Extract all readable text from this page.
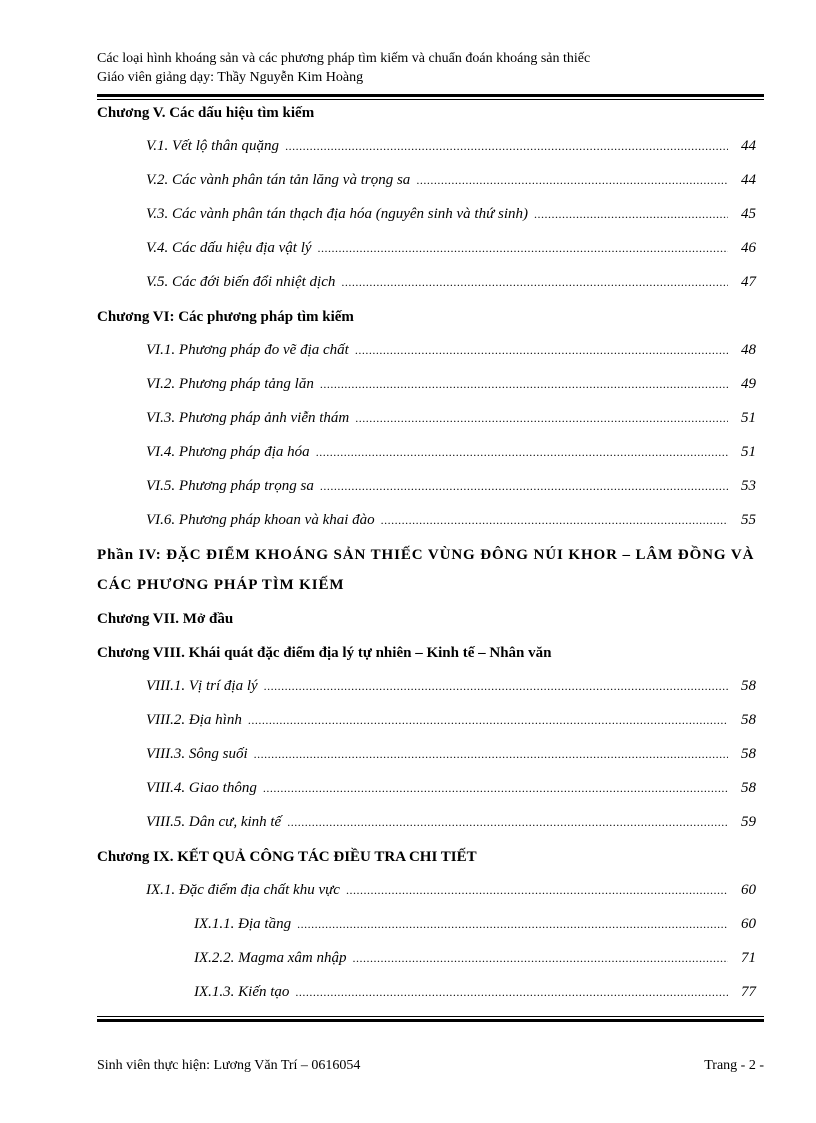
Các loại hình khoáng sản và các phương pháp tìm kiếm và chuẩn đoán khoáng sản thiếc
Giáo viên giảng dạy: Thầy Nguyễn Kim Hoàng
Chương V. Các dấu hiệu tìm kiếm
V.1. Vết lộ thân quặng .....	44
V.2. Các vành phân tán tản lăng và trọng sa .....	44
V.3. Các vành phân tán thạch địa hóa (nguyên sinh và thứ sinh) .....	45
V.4. Các dấu hiệu địa vật lý .....	46
V.5. Các đới biến đổi nhiệt dịch .....	47
Chương VI: Các phương pháp tìm kiếm
VI.1. Phương pháp đo vẽ địa chất .....	48
VI.2. Phương pháp tảng lăn .....	49
VI.3. Phương pháp ảnh viễn thám .....	51
VI.4. Phương pháp địa hóa .....	51
VI.5. Phương pháp trọng sa .....	53
VI.6. Phương pháp khoan và khai đào .....	55
Phần IV: ĐẶC ĐIỂM KHOÁNG SẢN THIẾC VÙNG ĐÔNG NÚI KHOR – LÂM ĐỒNG VÀ CÁC PHƯƠNG PHÁP TÌM KIẾM
Chương VII. Mở đầu
Chương VIII. Khái quát đặc điểm địa lý tự nhiên – Kinh tế – Nhân văn
VIII.1. Vị trí địa lý .....	58
VIII.2. Địa hình .....	58
VIII.3. Sông suối .....	58
VIII.4. Giao thông .....	58
VIII.5. Dân cư, kinh tế .....	59
Chương IX. KẾT QUẢ CÔNG TÁC ĐIỀU TRA CHI TIẾT
IX.1. Đặc điểm địa chất khu vực .....	60
IX.1.1. Địa tầng .....	60
IX.2.2. Magma xâm nhập .....	71
IX.1.3. Kiến tạo .....	77
Sinh viên thực hiện: Lương Văn Trí – 0616054	Trang - 2 -
